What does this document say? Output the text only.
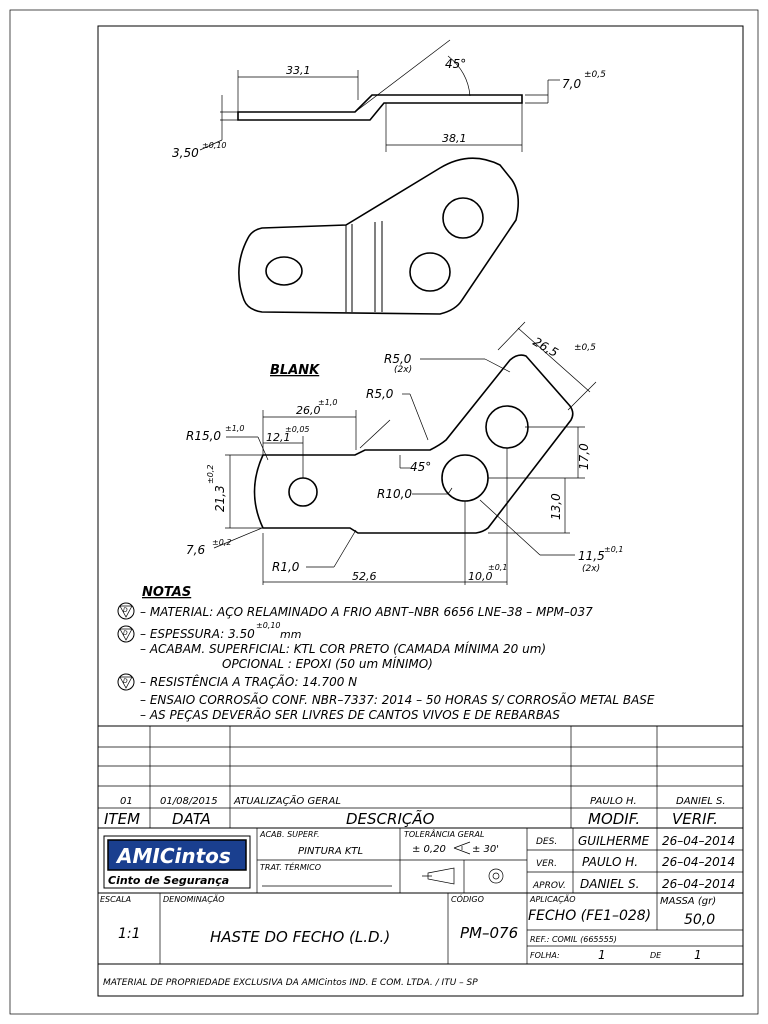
33,1	45°
7,0
±0,5
38,1
3,50
±0,10
BLANK
R5,0
(2x)
26,5 ±0,5
R5,0
26,0
±1,0
R15,0
±1,0
12,1
±0,05
45°	17,0
21,3
±0,2
R10,0	13,0
7,6
±0,2
11,5 ±0,1
(2x)
R1,0
52,6	10,0
±0,1
NOTAS
D – MATERIAL: AÇO RELAMINADO A FRIO ABNT–NBR 6656 LNE–38 – MPM–037
D – ESPESSURA: 3.50
±0,10
mm
– ACABAM. SUPERFICIAL: KTL COR PRETO (CAMADA MÍNIMA 20 um)
OPCIONAL : EPOXI (50 um MÍNIMO)
D – RESISTÊNCIA A TRAÇÃO: 14.700 N
– ENSAIO CORROSÃO CONF. NBR–7337: 2014 – 50 HORAS S/ CORROSÃO METAL BASE
– AS PEÇAS DEVERÃO SER LIVRES DE CANTOS VIVOS E DE REBARBAS
01	01/08/2015 ATUALIZAÇÃO GERAL	PAULO H.	DANIEL S.
ITEM DATA	DESCRIÇÃO	MODIF. VERIF.
AMICintos
Cinto de Segurança
ACAB. SUPERF.
PINTURA KTL
TRAT. TÉRMICO
TOLERÂNCIA GERAL
± 0,20	± 30'
DES. GUILHERME 26–04–2014
VER. PAULO H. 26–04–2014
APROV. DANIEL S. 26–04–2014
ESCALA
1:1
DENOMINAÇÃO
HASTE DO FECHO (L.D.)
CÓDIGO
PM–076
APLICAÇÃO
FECHO (FE1–028)
MASSA (gr)
50,0
REF.: COMIL (665555)
FOLHA:	1	DE	1
MATERIAL DE PROPRIEDADE EXCLUSIVA DA AMICintos IND. E COM. LTDA. / ITU – SP
